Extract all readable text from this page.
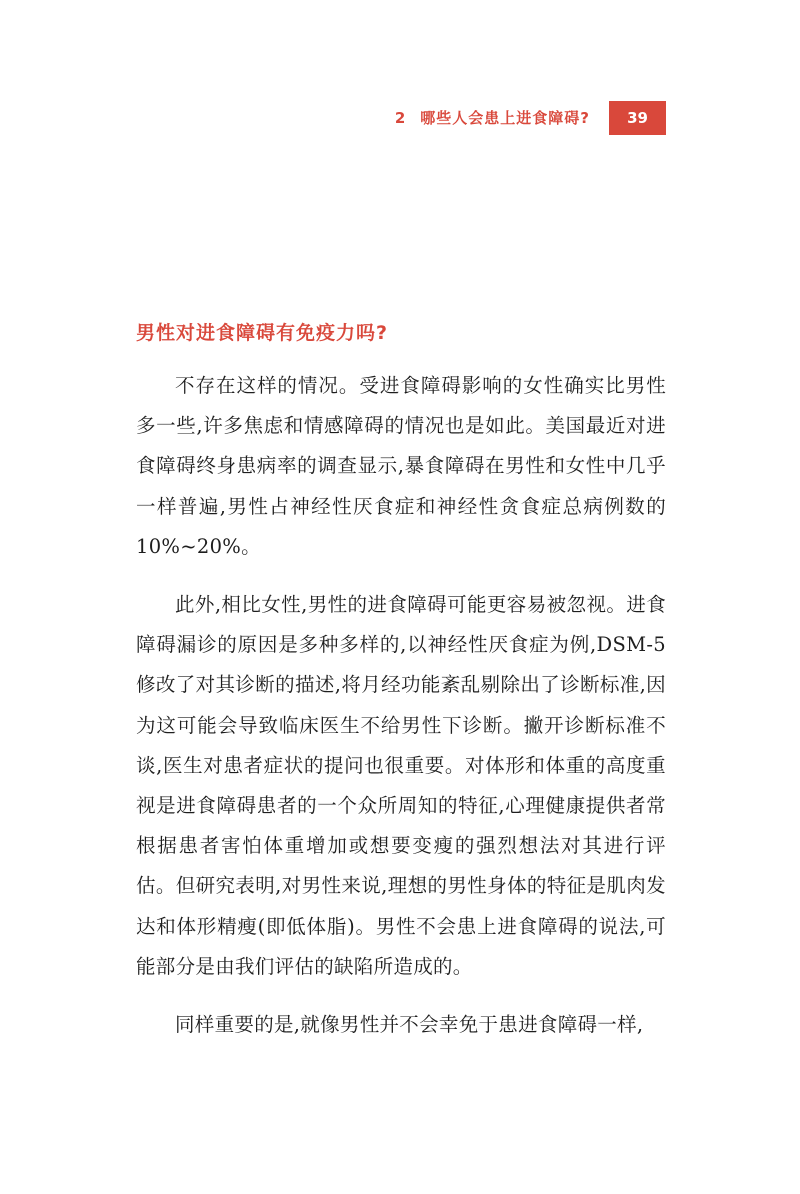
2 哪些人会患上进食障碍?	39
男性对进食障碍有免疫力吗?

不存在这样的情况。受进食障碍影响的女性确实比男性多一些,许多焦虑和情感障碍的情况也是如此。美国最近对进食障碍终身患病率的调查显示,暴食障碍在男性和女性中几乎一样普遍,男性占神经性厌食症和神经性贪食症总病例数的10%~20%。

此外,相比女性,男性的进食障碍可能更容易被忽视。进食障碍漏诊的原因是多种多样的,以神经性厌食症为例,DSM-5修改了对其诊断的描述,将月经功能紊乱剔除出了诊断标准,因为这可能会导致临床医生不给男性下诊断。撇开诊断标准不谈,医生对患者症状的提问也很重要。对体形和体重的高度重视是进食障碍患者的一个众所周知的特征,心理健康提供者常根据患者害怕体重增加或想要变瘦的强烈想法对其进行评估。但研究表明,对男性来说,理想的男性身体的特征是肌肉发达和体形精瘦(即低体脂)。男性不会患上进食障碍的说法,可能部分是由我们评估的缺陷所造成的。

同样重要的是,就像男性并不会幸免于患进食障碍一样,
